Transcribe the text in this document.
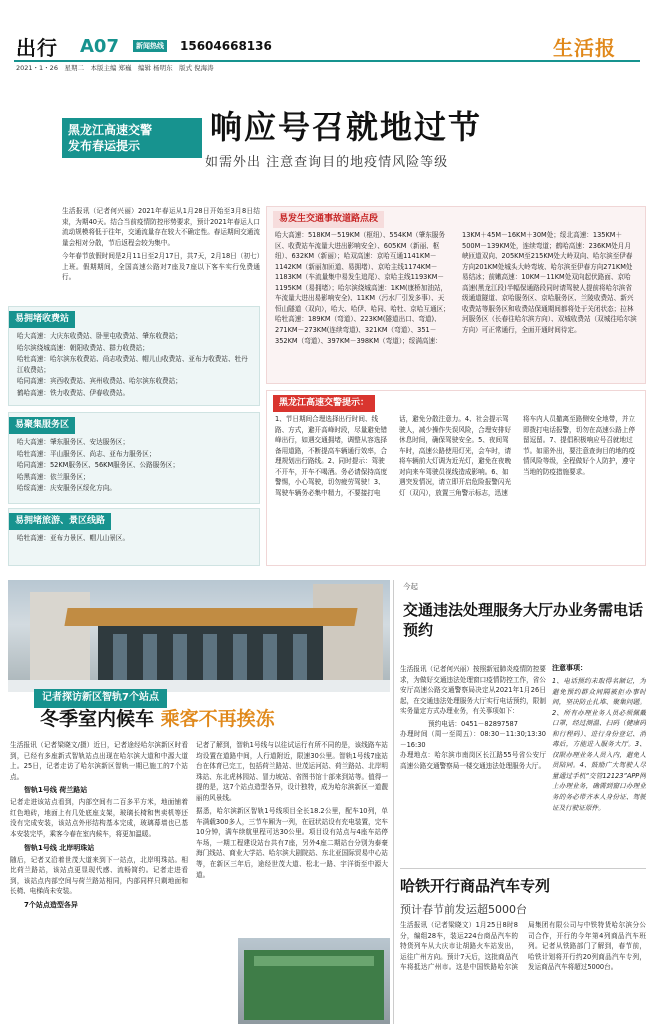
出行 A07	新闻热线 15604668136	生活报
2021・1・26　星期二　本版主编 郑巍　编辑 杨明东　版式 倪海涛
黑龙江高速交警
发布春运提示
响应号召就地过节
如需外出 注意查询目的地疫情风险等级

生活报讯（记者何兴丽）2021年春运从1月28日开始至3月8日结束，为期40天。结合当前疫情防控形势要求，预计2021年春运人口流动规模将低于往年，交通流量存在较大不确定性。春运期间交通流量会相对分散，节后返程会较为集中。

今年春节放假时间是2月11日至2月17日，共7天，2月18日（初七）上班。假期期间，全国高速公路对7座及7座以下客车实行免费通行。

易拥堵收费站
哈大高速：大庆东收费站、卧里屯收费站、肇东收费站；
哈尔滨绕城高速：朝阳收费站、群力收费站；
哈牡高速：哈尔滨东收费站、尚志收费站、帽儿山收费站、亚布力收费站、牡丹江收费站；
哈同高速：宾西收费站、宾州收费站、哈尔滨东收费站；
鹤哈高速：铁力收费站、伊春收费站。
易聚集服务区
哈大高速：肇东服务区、安达服务区；
哈牡高速：平山服务区、尚志、亚布力服务区；
哈同高速：52KM服务区、56KM服务区、公路服务区；
哈黑高速：依兰服务区；
哈绥高速：庆安服务区绥化方向。
易拥堵旅游、景区线路
哈牡高速：亚布力景区、帽儿山景区。
易发生交通事故道路点段
哈大高速：518KM－519KM（枢纽）、554KM（肇东服务区、收费站车流量大进出影响安全）、605KM（新丽、枢纽）、632KM（新丽）；哈双高速：京哈互通1141KM－1142KM（新丽加匝道、易拥堵）、京哈主线1174KM－1183KM（车流量集中易发生追尾）、京哈主线1193KM－1195KM（易拥堵）；哈尔滨绕城高速：1KM(康桥加油站，车流量大进出易影响安全)、11KM（污水厂引发多事）、天恒山隧道（双向），哈大、哈伊、哈同、哈牡、京哈互通区；哈牡高速：189KM（弯道）、223KM(隧道出口、弯道)、271KM－273KM(连续弯道)、321KM（弯道）、351－352KM（弯道）、397KM－398KM（弯道）；绥满高速：13KM＋45M－16KM＋30M处；绥北高速：135KM＋500M－139KM处，连续弯道；鹤哈高速：236KM处月月峡匝道双向、205KM至215KM处大岭双向、哈尔滨至伊春方向201KM处城头大岭弯坡、哈尔滨至伊春方向271KM处易结冰；前嫩高速：10KM－11KM处双向起伏路面、京哈高速(黑龙江段)半幅保通路段同时请驾驶人提前将哈尔滨省级通道隧道、京哈服务区、京哈服务区、兰陵收费站、新兴收费站等服务区和收费站保通期间都将处于关闭状态；拉林河服务区（长春往哈尔滨方向）、双城收费站（双城往哈尔滨方向）可正常通行，全面开通时间待定。
黑龙江高速交警提示：
1、节日期间合理选择出行时间、线路、方式，避开高峰时段，尽量避免错峰出行，如遇交通拥堵，调整从容选择备用道路，不断提高车辆通行效率，合理规划出行路线。2、同时提示：驾驶不开车，开车不喝酒。务必请保持高度警惕，小心驾驶，切勿疲劳驾驶！3、驾驶车辆务必集中精力，不要接打电话，避免分散注意力。4、社会提示驾驶人，减少操作失误风险，合理安排好休息时间，确保驾驶安全。5、夜间驾车时，高速公路使用灯光，会车时，请将车辆前大灯调为近光灯，避免在夜晚对向来车驾驶员视线造成影响。6、如遇突发情况，请立即开启危险报警闪光灯（双闪），放置三角警示标志，迅速将车内人员撤离至路侧安全地带，并立即拨打电话报警，切勿在高速公路上停留逗留。7、提倡积极响应号召就地过节。如需外出，要注意查询目的地的疫情风险等级，全程做好个人防护，遵守当地的防疫措施要求。
记者探访新区智轨7个站点
冬季室内候车 乘客不再挨冻

生活报讯（记者梁晓文/摄）近日，记者途经哈尔滨新区时看到，已经有多座新式智轨站点出现在哈尔滨大道和中源大道上。25日，记者走访了哈尔滨新区智轨一期已施工的7个站点。

智轨1号线 荷兰路站

记者走进该站点看到，内部空间有二百多平方米，地面铺着红色地砖，地面上有几处底座支架，玻璃长椅和售卖机等还没有完成安装，该站点外形结构基本完成，玻璃幕墙也已基本安装完毕，乘客今春在室内候车，将更加温暖。

智轨1号线 北岸明珠站

随后，记者又沿着世茂大道来到下一站点，北岸明珠站。相比荷兰路站，该站点更显现代感、流畅简约。记者走进看到，该站点内部空间与荷兰路站相同，内部同样只剩地面和长椅、电梯尚未安装。

7个站点造型各异

记者了解到，智轨1号线与以往试运行有所不同的是，该线路车站均设置在道路中间，人行道附近，限速30公里。智轨1号线7座站台在体育已完工，包括荷兰路站、世茂运河站、荷兰路站、北岸明珠站、东北虎林园站、冒力坡站、省图书馆十部来到站等。值得一提的是，这7个站点造型各异，设计独特，成为哈尔滨新区一道靓丽的风景线。

据悉，哈尔滨新区智轨1号线项目全长18.2公里，配车10列，单车满载300多人，三节车厢为一列，在冠状站设有充电装置，完车10分钟，满车续航里程可达30公里。项目设有站点与4座车站停车场，一期工程建设站台共有7座，另外4座二期站台分别为泰豪海门线站、商业大学站、哈尔滨大剧院站、东北亚国际贸易中心站等，在新区三年后，途经世茂大道、松北一路、宇洋街至中源大道。

今起
交通违法处理服务大厅办业务需电话预约

生活报讯（记者何兴丽）按照新冠肺炎疫情防控要求，为做好交通违法处理窗口疫情防控工作，省公安厅高速公路交通警察局决定从2021年1月26日起，在交通违法处理服务大厅实行电话预约，限制实务量定方式办理业务，有关事项如下：

预约电话：0451－82897587

办理时间（周一至周五）：08:30－11:30;13:30－16:30

办理地点：哈尔滨市南岗区长江路55号省公安厅高速公路交通警察局一楼交通违法处理服务大厅。

注意事项：
1、电话预约未取得名额记，为避免预约群众间隔被拒办事时间，坚决防止扎堆、聚集问题。2、所有办理业务人员必须佩戴口罩，经过测温、扫码（健康码和行程码）、进行身份登记、消毒后，方能进入服务大厅。3、仅限办理业务人员入内，避免人员陪同。4、鼓励广大驾驶人尽量通过手机“交管12123”APP网上办理业务，确需到窗口办理业务的务必带齐本人身份证、驾驶证及行驶证原件。
哈铁开行商品汽车专列
预计春节前发运超5000台
生活报讯（记者梁晓文）1月25日8时8分，编组28车，装运224台商品汽车的特货列车从大庆市让胡路火车站发出，运往广州方向。预计7天后，这批商品汽车将抵达广州市。这是中国铁路哈尔滨局集团有限公司与中铁特货哈尔滨分公司合作，开行的今年第4列商品汽车班列。记者从铁路部门了解到，春节前，哈铁计划将开行约20列商品汽车专列，发运商品汽车将超过5000台。
